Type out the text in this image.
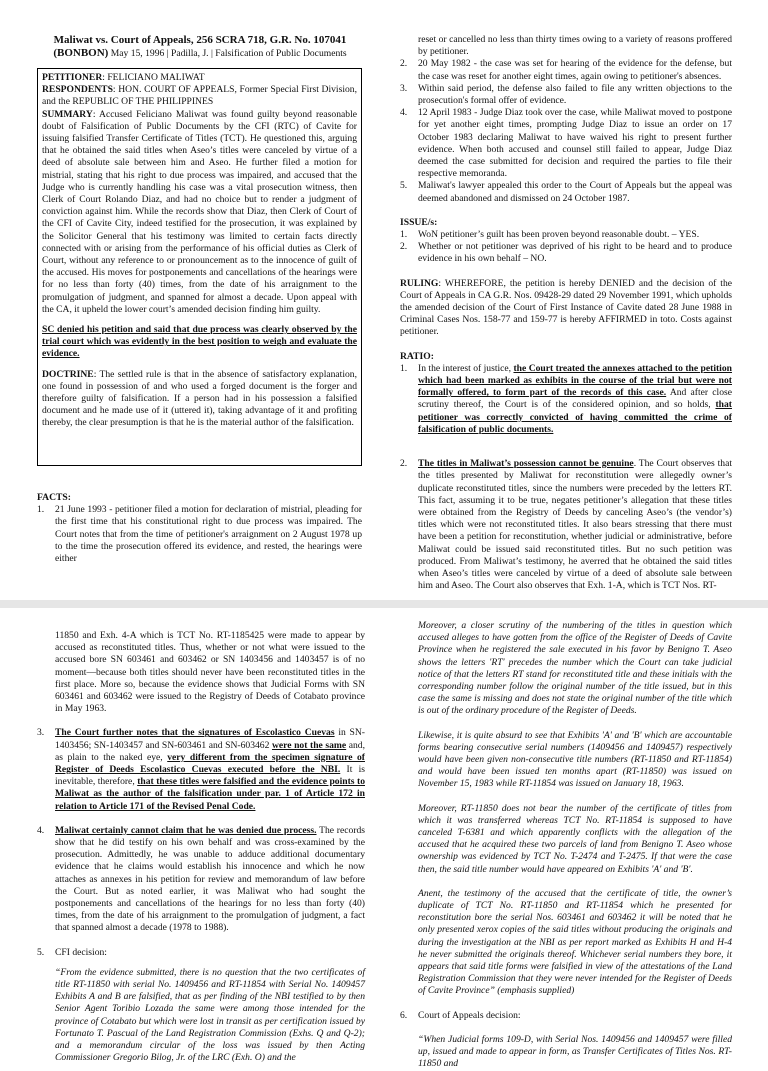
Maliwat vs. Court of Appeals, 256 SCRA 718, G.R. No. 107041
(BONBON) May 15, 1996 | Padilla, J. | Falsification of Public Documents

PETITIONER: FELICIANO MALIWAT

RESPONDENTS: HON. COURT OF APPEALS, Former Special First Division, and the REPUBLIC OF THE PHILIPPINES

SUMMARY: Accused Feliciano Maliwat was found guilty beyond reasonable doubt of Falsification of Public Documents by the CFI (RTC) of Cavite for issuing falsified Transfer Certificate of Titles (TCT). He questioned this, arguing that he obtained the said titles when Aseo’s titles were canceled by virtue of a deed of absolute sale between him and Aseo. He further filed a motion for mistrial, stating that his right to due process was impaired, and accused that the Judge who is currently handling his case was a vital prosecution witness, then Clerk of Court Rolando Diaz, and had no choice but to render a judgment of conviction against him. While the records show that Diaz, then Clerk of Court of the CFI of Cavite City, indeed testified for the prosecution, it was explained by the Solicitor General that his testimony was limited to certain facts directly connected with or arising from the performance of his official duties as Clerk of Court, without any reference to or pronouncement as to the innocence of guilt of the accused. His moves for postponements and cancellations of the hearings were for no less than forty (40) times, from the date of his arraignment to the promulgation of judgment, and spanned for almost a decade. Upon appeal with the CA, it upheld the lower court’s amended decision finding him guilty.

SC denied his petition and said that due process was clearly observed by the trial court which was evidently in the best position to weigh and evaluate the evidence.

DOCTRINE: The settled rule is that in the absence of satisfactory explanation, one found in possession of and who used a forged document is the forger and therefore guilty of falsification. If a person had in his possession a falsified document and he made use of it (uttered it), taking advantage of it and profiting thereby, the clear presumption is that he is the material author of the falsification.

FACTS:

1. 21 June 1993 - petitioner filed a motion for declaration of mistrial, pleading for the first time that his constitutional right to due process was impaired. The Court notes that from the time of petitioner's arraignment on 2 August 1978 up to the time the prosecution offered its evidence, and rested, the hearings were either

reset or cancelled no less than thirty times owing to a variety of reasons proffered by petitioner.

2. 20 May 1982 - the case was set for hearing of the evidence for the defense, but the case was reset for another eight times, again owing to petitioner's absences.
3. Within said period, the defense also failed to file any written objections to the prosecution's formal offer of evidence.
4. 12 April 1983 - Judge Diaz took over the case, while Maliwat moved to postpone for yet another eight times, prompting Judge Diaz to issue an order on 17 October 1983 declaring Maliwat to have waived his right to present further evidence. When both accused and counsel still failed to appear, Judge Diaz deemed the case submitted for decision and required the parties to file their respective memoranda.
5. Maliwat's lawyer appealed this order to the Court of Appeals but the appeal was deemed abandoned and dismissed on 24 October 1987.

ISSUE/s:

1. WoN petitioner’s guilt has been proven beyond reasonable doubt. – YES.
2. Whether or not petitioner was deprived of his right to be heard and to produce evidence in his own behalf – NO.

RULING: WHEREFORE, the petition is hereby DENIED and the decision of the Court of Appeals in CA G.R. Nos. 09428-29 dated 29 November 1991, which upholds the amended decision of the Court of First Instance of Cavite dated 28 June 1988 in Criminal Cases Nos. 158-77 and 159-77 is hereby AFFIRMED in toto. Costs against petitioner.

RATIO:

1. In the interest of justice, the Court treated the annexes attached to the petition which had been marked as exhibits in the course of the trial but were not formally offered, to form part of the records of this case. And after close scrutiny thereof, the Court is of the considered opinion, and so holds, that petitioner was correctly convicted of having committed the crime of falsification of public documents.
2. The titles in Maliwat’s possession cannot be genuine. The Court observes that the titles presented by Maliwat for reconstitution were allegedly owner’s duplicate reconstituted titles, since the numbers were preceded by the letters RT. This fact, assuming it to be true, negates petitioner’s allegation that these titles were obtained from the Registry of Deeds by canceling Aseo’s (the vendor’s) titles which were not reconstituted titles. It also bears stressing that there must have been a petition for reconstitution, whether judicial or administrative, before Maliwat could be issued said reconstituted titles. But no such petition was produced. From Maliwat’s testimony, he averred that he obtained the said titles when Aseo’s titles were canceled by virtue of a deed of absolute sale between him and Aseo. The Court also observes that Exh. 1-A, which is TCT Nos. RT-

11850 and Exh. 4-A which is TCT No. RT-1185425 were made to appear by accused as reconstituted titles. Thus, whether or not what were issued to the accused bore SN 603461 and 603462 or SN 1403456 and 1403457 is of no moment—because both titles should never have been reconstituted titles in the first place. More so, because the evidence shows that Judicial Forms with SN 603461 and 603462 were issued to the Registry of Deeds of Cotabato province in May 1963.

3. The Court further notes that the signatures of Escolastico Cuevas in SN-1403456; SN-1403457 and SN-603461 and SN-603462 were not the same and, as plain to the naked eye, very different from the specimen signature of Register of Deeds Escolastico Cuevas executed before the NBI. It is inevitable, therefore, that these titles were falsified and the evidence points to Maliwat as the author of the falsification under par. 1 of Article 172 in relation to Article 171 of the Revised Penal Code.
4. Maliwat certainly cannot claim that he was denied due process. The records show that he did testify on his own behalf and was cross-examined by the prosecution. Admittedly, he was unable to adduce additional documentary evidence that he claims would establish his innocence and which he now attaches as annexes in his petition for review and memorandum of law before the Court. But as noted earlier, it was Maliwat who had sought the postponements and cancellations of the hearings for no less than forty (40) times, from the date of his arraignment to the promulgation of judgment, a fact that spanned almost a decade (1978 to 1988).
5. CFI decision:

“From the evidence submitted, there is no question that the two certificates of title RT-11850 with serial No. 1409456 and RT-11854 with Serial No. 1409457 Exhibits A and B are falsified, that as per finding of the NBI testified to by then Senior Agent Toribio Lozada the same were among those intended for the province of Cotabato but which were lost in transit as per certification issued by Fortunato T. Pascual of the Land Registration Commission (Exhs. Q and Q-2); and a memorandum circular of the loss was issued by then Acting Commissioner Gregorio Bilog, Jr. of the LRC (Exh. O) and the

Moreover, a closer scrutiny of the numbering of the titles in question which accused alleges to have gotten from the office of the Register of Deeds of Cavite Province when he registered the sale executed in his favor by Benigno T. Aseo shows the letters 'RT' precedes the number which the Court can take judicial notice of that the letters RT stand for reconstituted title and these initials with the corresponding number follow the original number of the title issued, but in this case the same is missing and does not state the original number of the title which is out of the ordinary procedure of the Register of Deeds.

Likewise, it is quite absurd to see that Exhibits 'A' and 'B' which are accountable forms bearing consecutive serial numbers (1409456 and 1409457) respectively would have been given non-consecutive title numbers (RT-11850 and RT-11854) and would have been issued ten months apart (RT-11850) was issued on November 15, 1983 while RT-11854 was issued on January 18, 1963.

Moreover, RT-11850 does not bear the number of the certificate of titles from which it was transferred whereas TCT No. RT-11854 is supposed to have canceled T-6381 and which apparently conflicts with the allegation of the accused that he acquired these two parcels of land from Benigno T. Aseo whose ownership was evidenced by TCT No. T-2474 and T-2475. If that were the case then, the said title number would have appeared on Exhibits 'A' and 'B'.

Anent, the testimony of the accused that the certificate of title, the owner’s duplicate of TCT No. RT-11850 and RT-11854 which he presented for reconstitution bore the serial Nos. 603461 and 603462 it will be noted that he only presented xerox copies of the said titles without producing the originals and during the investigation at the NBI as per report marked as Exhibits H and H-4 he never submitted the originals thereof. Whichever serial numbers they bore, it appears that said title forms were falsified in view of the attestations of the Land Registration Commission that they were never intended for the Register of Deeds of Cavite Province” (emphasis supplied)

6. Court of Appeals decision:

“When Judicial forms 109-D, with Serial Nos. 1409456 and 1409457 were filled up, issued and made to appear in form, as Transfer Certificates of Titles Nos. RT-11850 and
